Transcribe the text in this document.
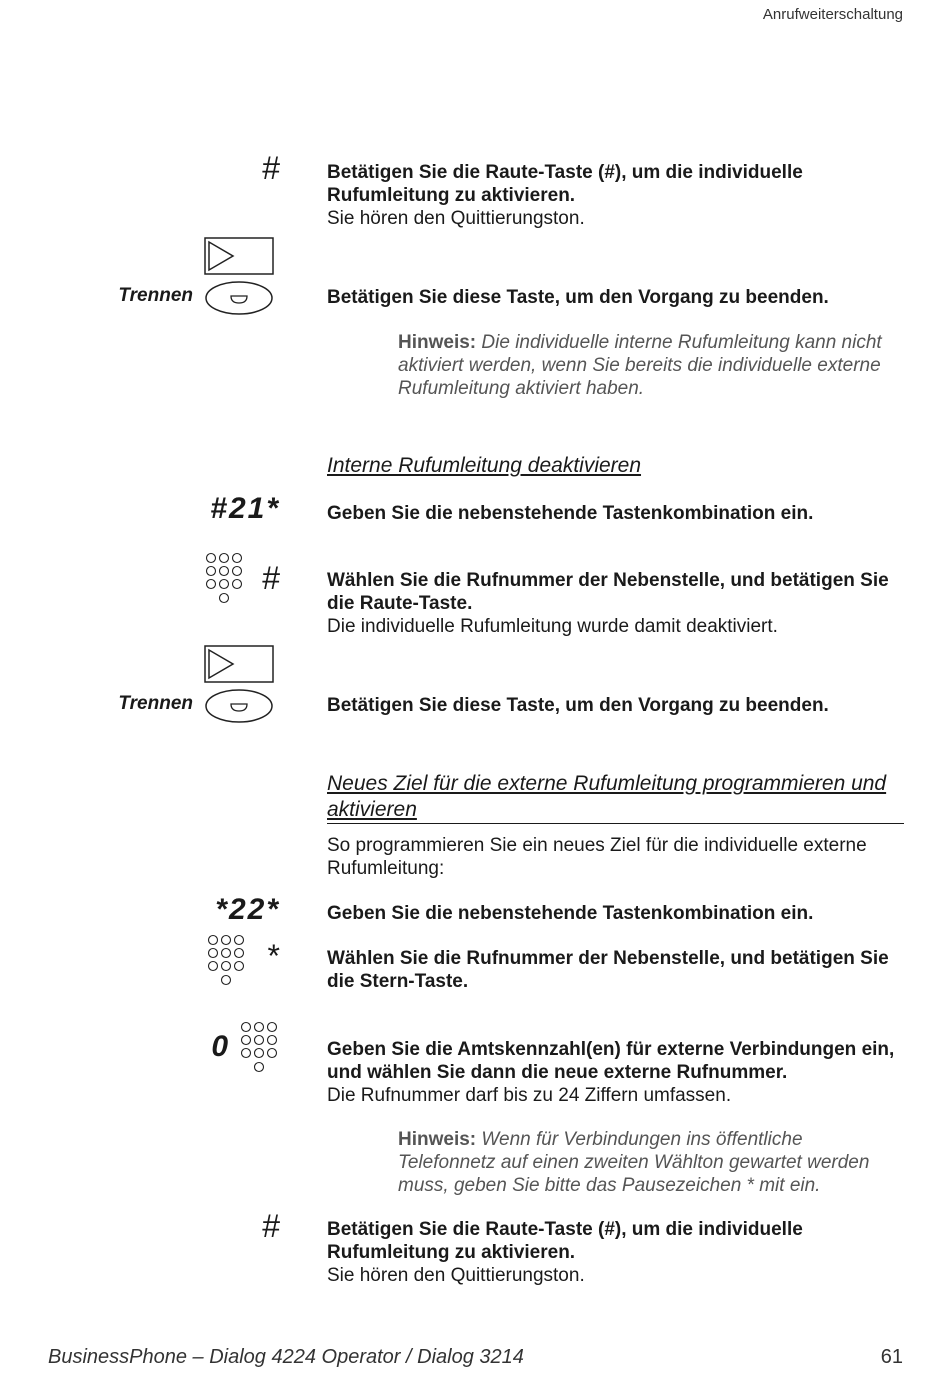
Anrufweiterschaltung
# Betätigen Sie die Raute-Taste (#), um die individuelle Rufumleitung zu aktivieren.
Sie hören den Quittierungston.
Trennen	Betätigen Sie diese Taste, um den Vorgang zu beenden.
Hinweis: Die individuelle interne Rufumleitung kann nicht aktiviert werden, wenn Sie bereits die individuelle externe Rufumleitung aktiviert haben.
Interne Rufumleitung deaktivieren
#21* Geben Sie die nebenstehende Tastenkombination ein.
# Wählen Sie die Rufnummer der Nebenstelle, und betätigen Sie die Raute-Taste.
Die individuelle Rufumleitung wurde damit deaktiviert.
Trennen	Betätigen Sie diese Taste, um den Vorgang zu beenden.
Neues Ziel für die externe Rufumleitung programmieren und aktivieren
So programmieren Sie ein neues Ziel für die individuelle externe Rufumleitung:
*22* Geben Sie die nebenstehende Tastenkombination ein.
* Wählen Sie die Rufnummer der Nebenstelle, und betätigen Sie die Stern-Taste.
0	Geben Sie die Amtskennzahl(en) für externe Verbindungen ein, und wählen Sie dann die neue externe Rufnummer.
Die Rufnummer darf bis zu 24 Ziffern umfassen.
Hinweis: Wenn für Verbindungen ins öffentliche Telefonnetz auf einen zweiten Wählton gewartet werden muss, geben Sie bitte das Pausezeichen * mit ein.
# Betätigen Sie die Raute-Taste (#), um die individuelle Rufumleitung zu aktivieren.
Sie hören den Quittierungston.
BusinessPhone – Dialog 4224 Operator / Dialog 3214	61
